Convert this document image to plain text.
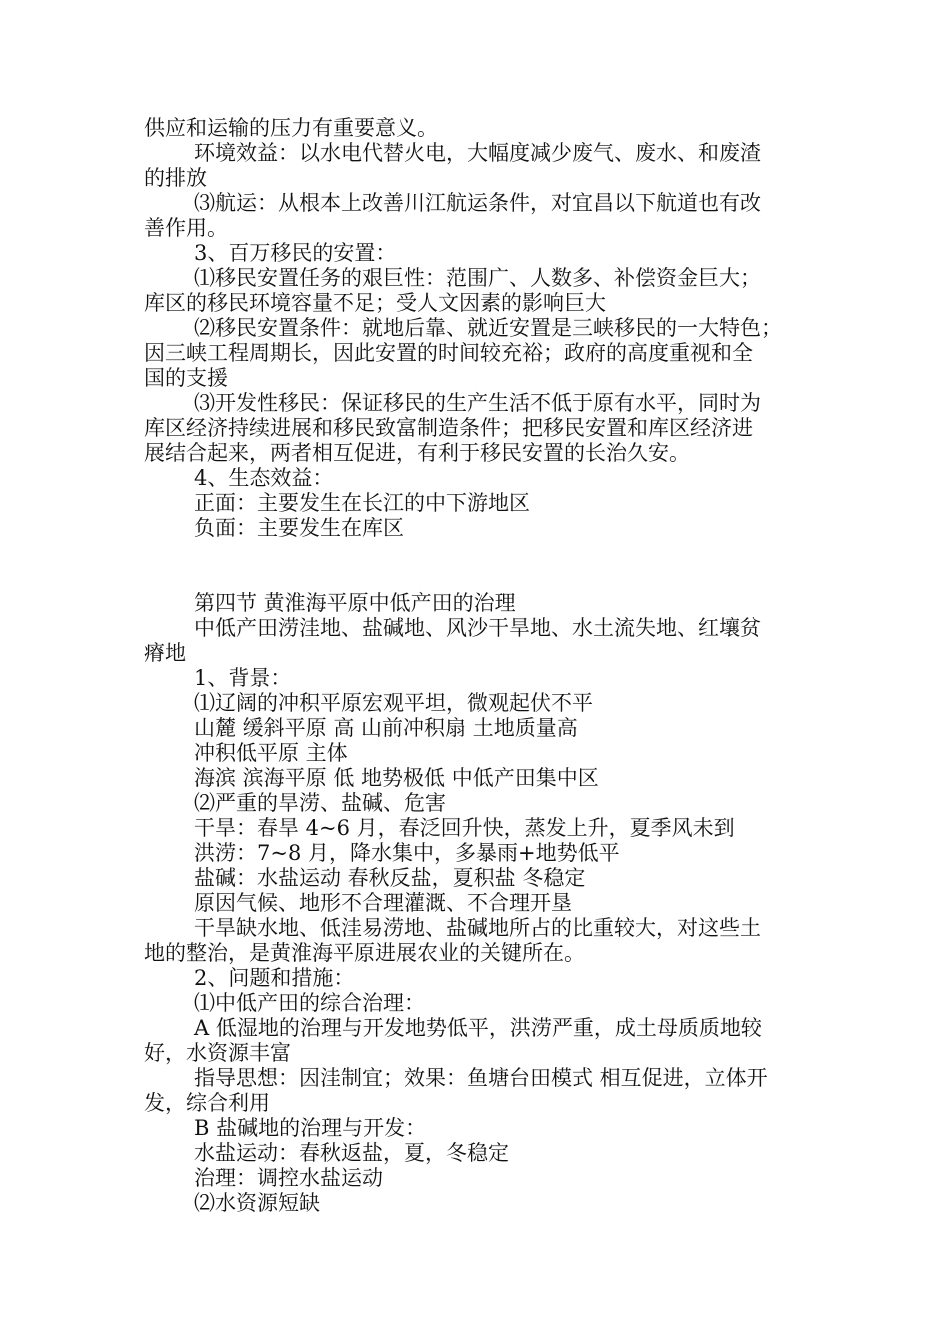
供应和运输的压力有重要意义。
环境效益：以水电代替火电，大幅度减少废气、废水、和废渣
的排放
⑶航运：从根本上改善川江航运条件，对宜昌以下航道也有改
善作用。
3、百万移民的安置：
⑴移民安置任务的艰巨性：范围广、人数多、补偿资金巨大；
库区的移民环境容量不足；受人文因素的影响巨大
⑵移民安置条件：就地后靠、就近安置是三峡移民的一大特色；
因三峡工程周期长，因此安置的时间较充裕；政府的高度重视和全
国的支援
⑶开发性移民：保证移民的生产生活不低于原有水平，同时为
库区经济持续进展和移民致富制造条件；把移民安置和库区经济进
展结合起来，两者相互促进，有利于移民安置的长治久安。
4、生态效益：
正面：主要发生在长江的中下游地区
负面：主要发生在库区
第四节 黄淮海平原中低产田的治理
中低产田涝洼地、盐碱地、风沙干旱地、水土流失地、红壤贫
瘠地
1、背景：
⑴辽阔的冲积平原宏观平坦，微观起伏不平
山麓 缓斜平原 高 山前冲积扇 土地质量高
冲积低平原 主体
海滨 滨海平原 低 地势极低 中低产田集中区
⑵严重的旱涝、盐碱、危害
干旱：春旱 4~6 月，春泛回升快，蒸发上升，夏季风未到
洪涝：7~8 月，降水集中，多暴雨+地势低平
盐碱：水盐运动 春秋反盐，夏积盐 冬稳定
原因气候、地形不合理灌溉、不合理开垦
干旱缺水地、低洼易涝地、盐碱地所占的比重较大，对这些土
地的整治，是黄淮海平原进展农业的关键所在。
2、问题和措施：
⑴中低产田的综合治理：
A 低湿地的治理与开发地势低平，洪涝严重，成土母质质地较
好，水资源丰富
指导思想：因洼制宜；效果：鱼塘台田模式 相互促进，立体开
发，综合利用
B 盐碱地的治理与开发：
水盐运动：春秋返盐，夏，冬稳定
治理：调控水盐运动
⑵水资源短缺
